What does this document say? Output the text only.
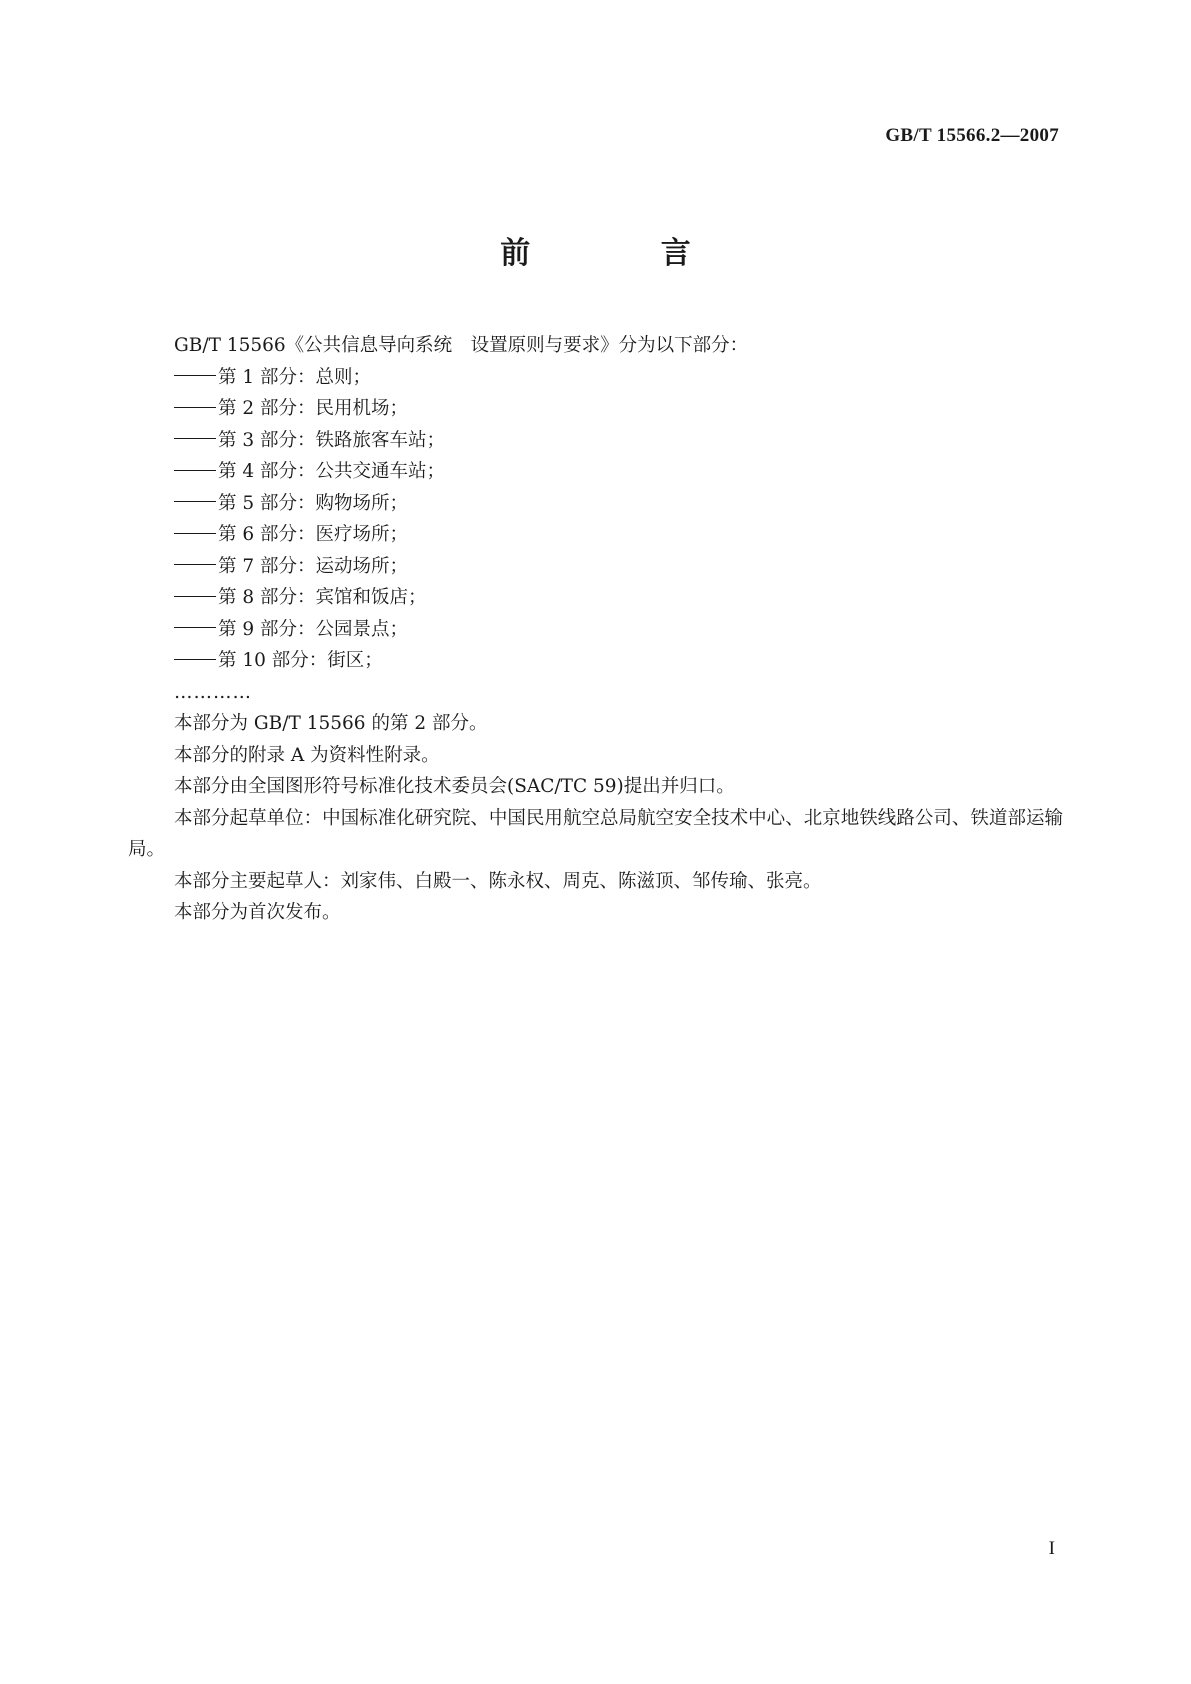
GB/T 15566.2—2007
前 言

GB/T 15566《公共信息导向系统　设置原则与要求》分为以下部分：

第 1 部分：总则；

第 2 部分：民用机场；

第 3 部分：铁路旅客车站；

第 4 部分：公共交通车站；

第 5 部分：购物场所；

第 6 部分：医疗场所；

第 7 部分：运动场所；

第 8 部分：宾馆和饭店；

第 9 部分：公园景点；

第 10 部分：街区；

…………

本部分为 GB/T 15566 的第 2 部分。

本部分的附录 A 为资料性附录。

本部分由全国图形符号标准化技术委员会(SAC/TC 59)提出并归口。

本部分起草单位：中国标准化研究院、中国民用航空总局航空安全技术中心、北京地铁线路公司、铁道部运输局。

本部分主要起草人：刘家伟、白殿一、陈永权、周克、陈滋顶、邹传瑜、张亮。

本部分为首次发布。

I
